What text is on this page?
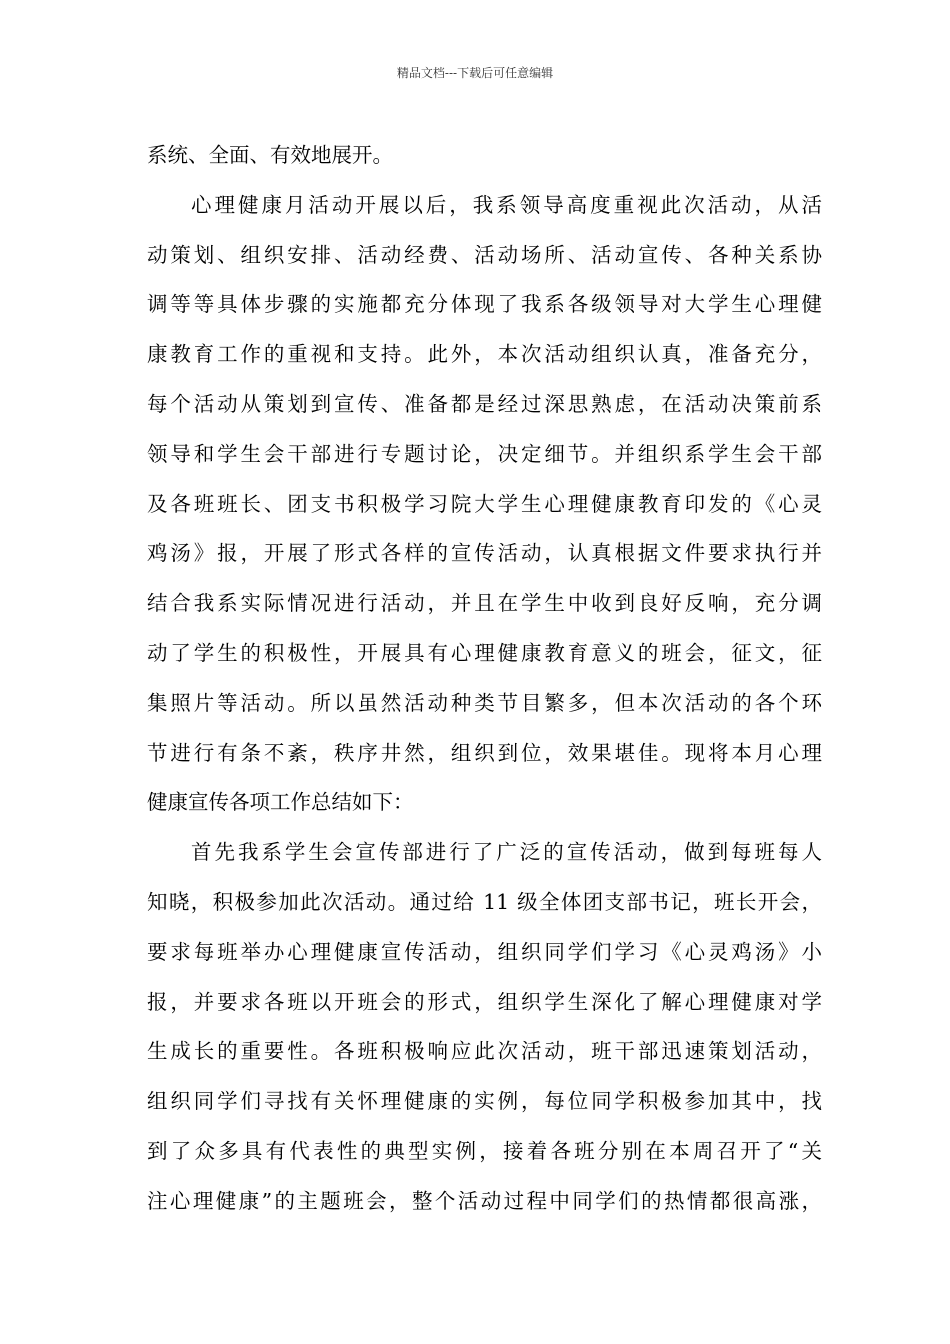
精品文档---下载后可任意编辑
系统、全面、有效地展开。
心理健康月活动开展以后，我系领导高度重视此次活动，从活
动策划、组织安排、活动经费、活动场所、活动宣传、各种关系协
调等等具体步骤的实施都充分体现了我系各级领导对大学生心理健
康教育工作的重视和支持。此外，本次活动组织认真，准备充分，
每个活动从策划到宣传、准备都是经过深思熟虑，在活动决策前系
领导和学生会干部进行专题讨论，决定细节。并组织系学生会干部
及各班班长、团支书积极学习院大学生心理健康教育印发的《心灵
鸡汤》报，开展了形式各样的宣传活动，认真根据文件要求执行并
结合我系实际情况进行活动，并且在学生中收到良好反响，充分调
动了学生的积极性，开展具有心理健康教育意义的班会，征文，征
集照片等活动。所以虽然活动种类节目繁多，但本次活动的各个环
节进行有条不紊，秩序井然，组织到位，效果堪佳。现将本月心理
健康宣传各项工作总结如下：
首先我系学生会宣传部进行了广泛的宣传活动，做到每班每人
知晓，积极参加此次活动。通过给 11 级全体团支部书记，班长开会，
要求每班举办心理健康宣传活动，组织同学们学习《心灵鸡汤》小
报，并要求各班以开班会的形式，组织学生深化了解心理健康对学
生成长的重要性。各班积极响应此次活动，班干部迅速策划活动，
组织同学们寻找有关怀理健康的实例，每位同学积极参加其中，找
到了众多具有代表性的典型实例，接着各班分别在本周召开了“关
注心理健康”的主题班会，整个活动过程中同学们的热情都很高涨，
